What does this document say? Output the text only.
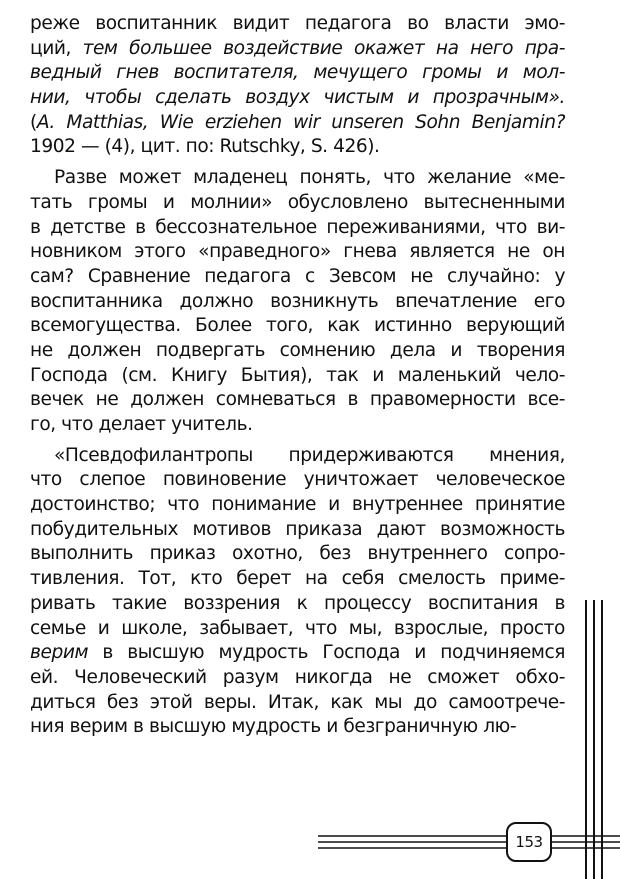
реже воспитанник видит педагога во власти эмо-
ций, тем большее воздействие окажет на него пра-
ведный гнев воспитателя, мечущего громы и мол-
нии, чтобы сделать воздух чистым и прозрачным».
(A. Matthias, Wie erziehen wir unseren Sohn Benjamin?
1902 — (4), цит. по: Rutschky, S. 426).
Разве может младенец понять, что желание «ме-
тать громы и молнии» обусловлено вытесненными
в детстве в бессознательное переживаниями, что ви-
новником этого «праведного» гнева является не он
сам? Сравнение педагога с Зевсом не случайно: у
воспитанника должно возникнуть впечатление его
всемогущества. Более того, как истинно верующий
не должен подвергать сомнению дела и творения
Господа (см. Книгу Бытия), так и маленький чело-
вечек не должен сомневаться в правомерности все-
го, что делает учитель.
«Псевдофилантропы придерживаются мнения,
что слепое повиновение уничтожает человеческое
достоинство; что понимание и внутреннее принятие
побудительных мотивов приказа дают возможность
выполнить приказ охотно, без внутреннего сопро-
тивления. Тот, кто берет на себя смелость приме-
ривать такие воззрения к процессу воспитания в
семье и школе, забывает, что мы, взрослые, просто
верим в высшую мудрость Господа и подчиняемся
ей. Человеческий разум никогда не сможет обхо-
диться без этой веры. Итак, как мы до самоотрече-
ния верим в высшую мудрость и безграничную лю-
153
